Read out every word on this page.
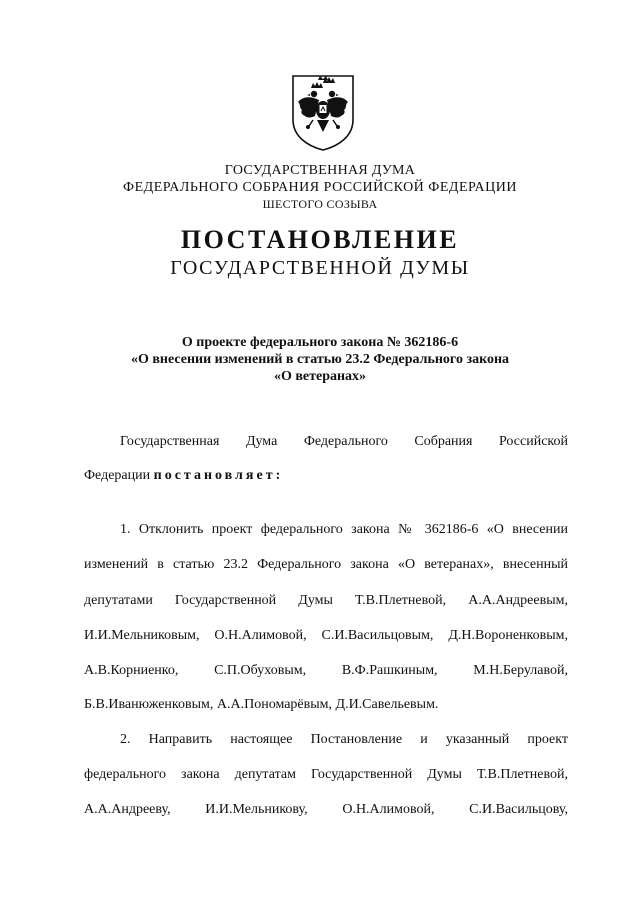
ГОСУДАРСТВЕННАЯ ДУМА
ФЕДЕРАЛЬНОГО СОБРАНИЯ РОССИЙСКОЙ ФЕДЕРАЦИИ
ШЕСТОГО СОЗЫВА
ПОСТАНОВЛЕНИЕ
ГОСУДАРСТВЕННОЙ ДУМЫ
О проекте федерального закона № 362186-6
«О внесении изменений в статью 23.2 Федерального закона
«О ветеранах»
Государственная Дума Федерального Собрания Российской
Федерации постановляет:
1. Отклонить проект федерального закона № 362186-6 «О внесении
изменений в статью 23.2 Федерального закона «О ветеранах», внесенный
депутатами Государственной Думы Т.В.Плетневой, А.А.Андреевым,
И.И.Мельниковым, О.Н.Алимовой, С.И.Васильцовым, Д.Н.Вороненковым,
А.В.Корниенко, С.П.Обуховым, В.Ф.Рашкиным, М.Н.Берулавой,
Б.В.Иванюженковым, А.А.Пономарёвым, Д.И.Савельевым.
2. Направить настоящее Постановление и указанный проект
федерального закона депутатам Государственной Думы Т.В.Плетневой,
А.А.Андрееву, И.И.Мельникову, О.Н.Алимовой, С.И.Васильцову,
